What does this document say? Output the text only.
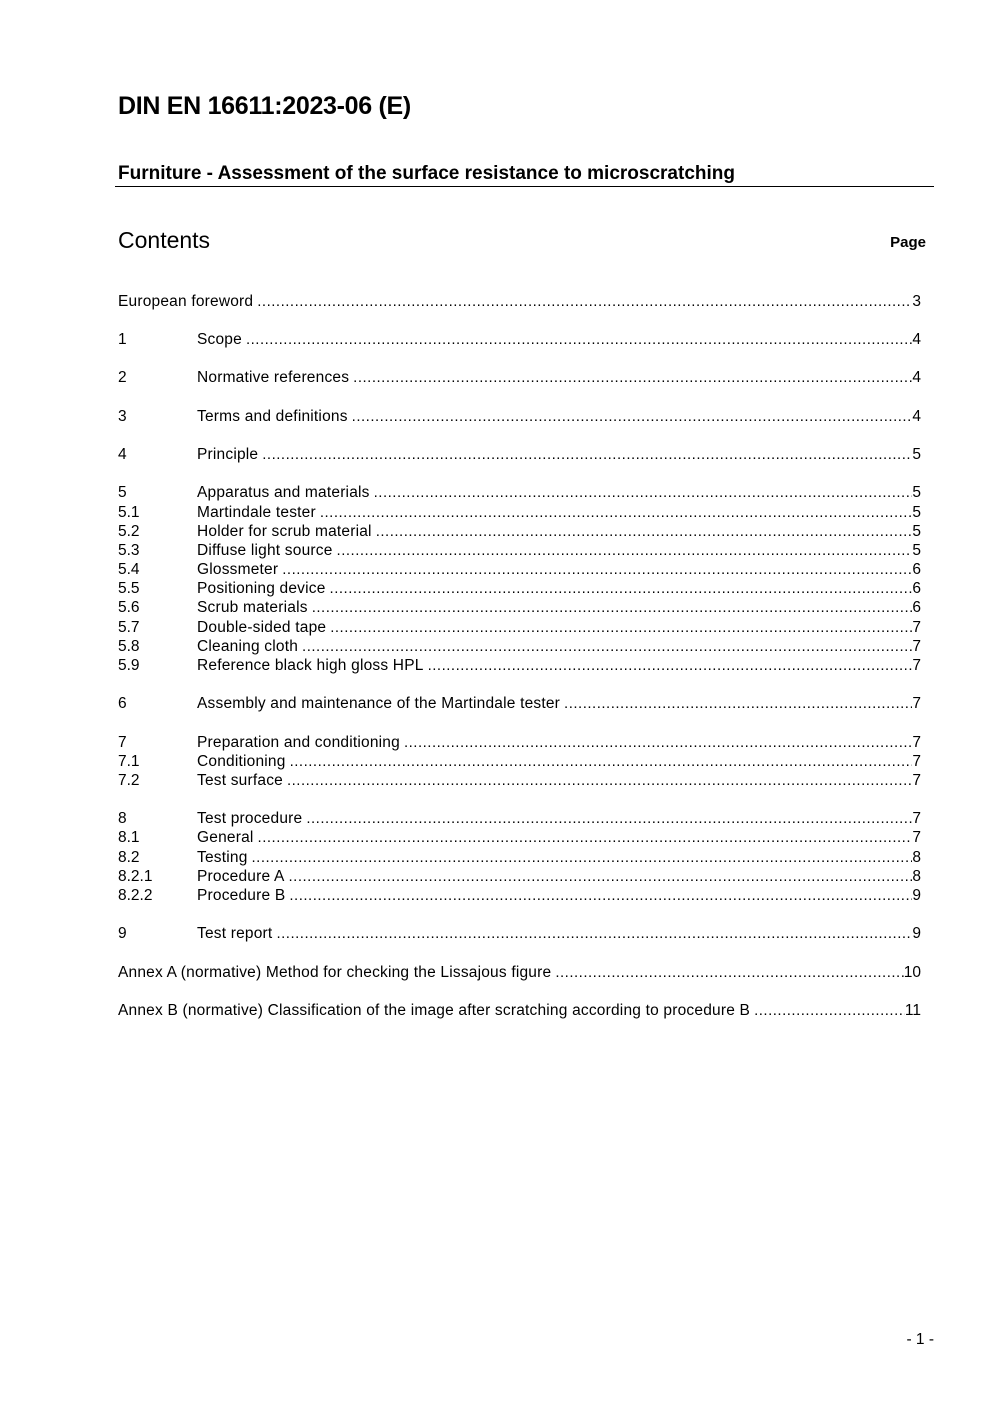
DIN EN 16611:2023-06 (E)
Furniture - Assessment of the surface resistance to microscratching
Contents	Page
European foreword .....	3
1	Scope .....	4
2	Normative references .....	4
3	Terms and definitions .....	4
4	Principle .....	5
5	Apparatus and materials .....	5
5.1	Martindale tester .....	5
5.2	Holder for scrub material .....	5
5.3	Diffuse light source .....	5
5.4	Glossmeter .....	6
5.5	Positioning device .....	6
5.6	Scrub materials .....	6
5.7	Double-sided tape .....	7
5.8	Cleaning cloth .....	7
5.9	Reference black high gloss HPL .....	7
6	Assembly and maintenance of the Martindale tester .....	7
7	Preparation and conditioning .....	7
7.1	Conditioning .....	7
7.2	Test surface .....	7
8	Test procedure .....	7
8.1	General .....	7
8.2	Testing .....	8
8.2.1	Procedure A .....	8
8.2.2	Procedure B .....	9
9	Test report .....	9
Annex A (normative) Method for checking the Lissajous figure .....	10
Annex B (normative) Classification of the image after scratching according to procedure B .....	11
- 1 -
